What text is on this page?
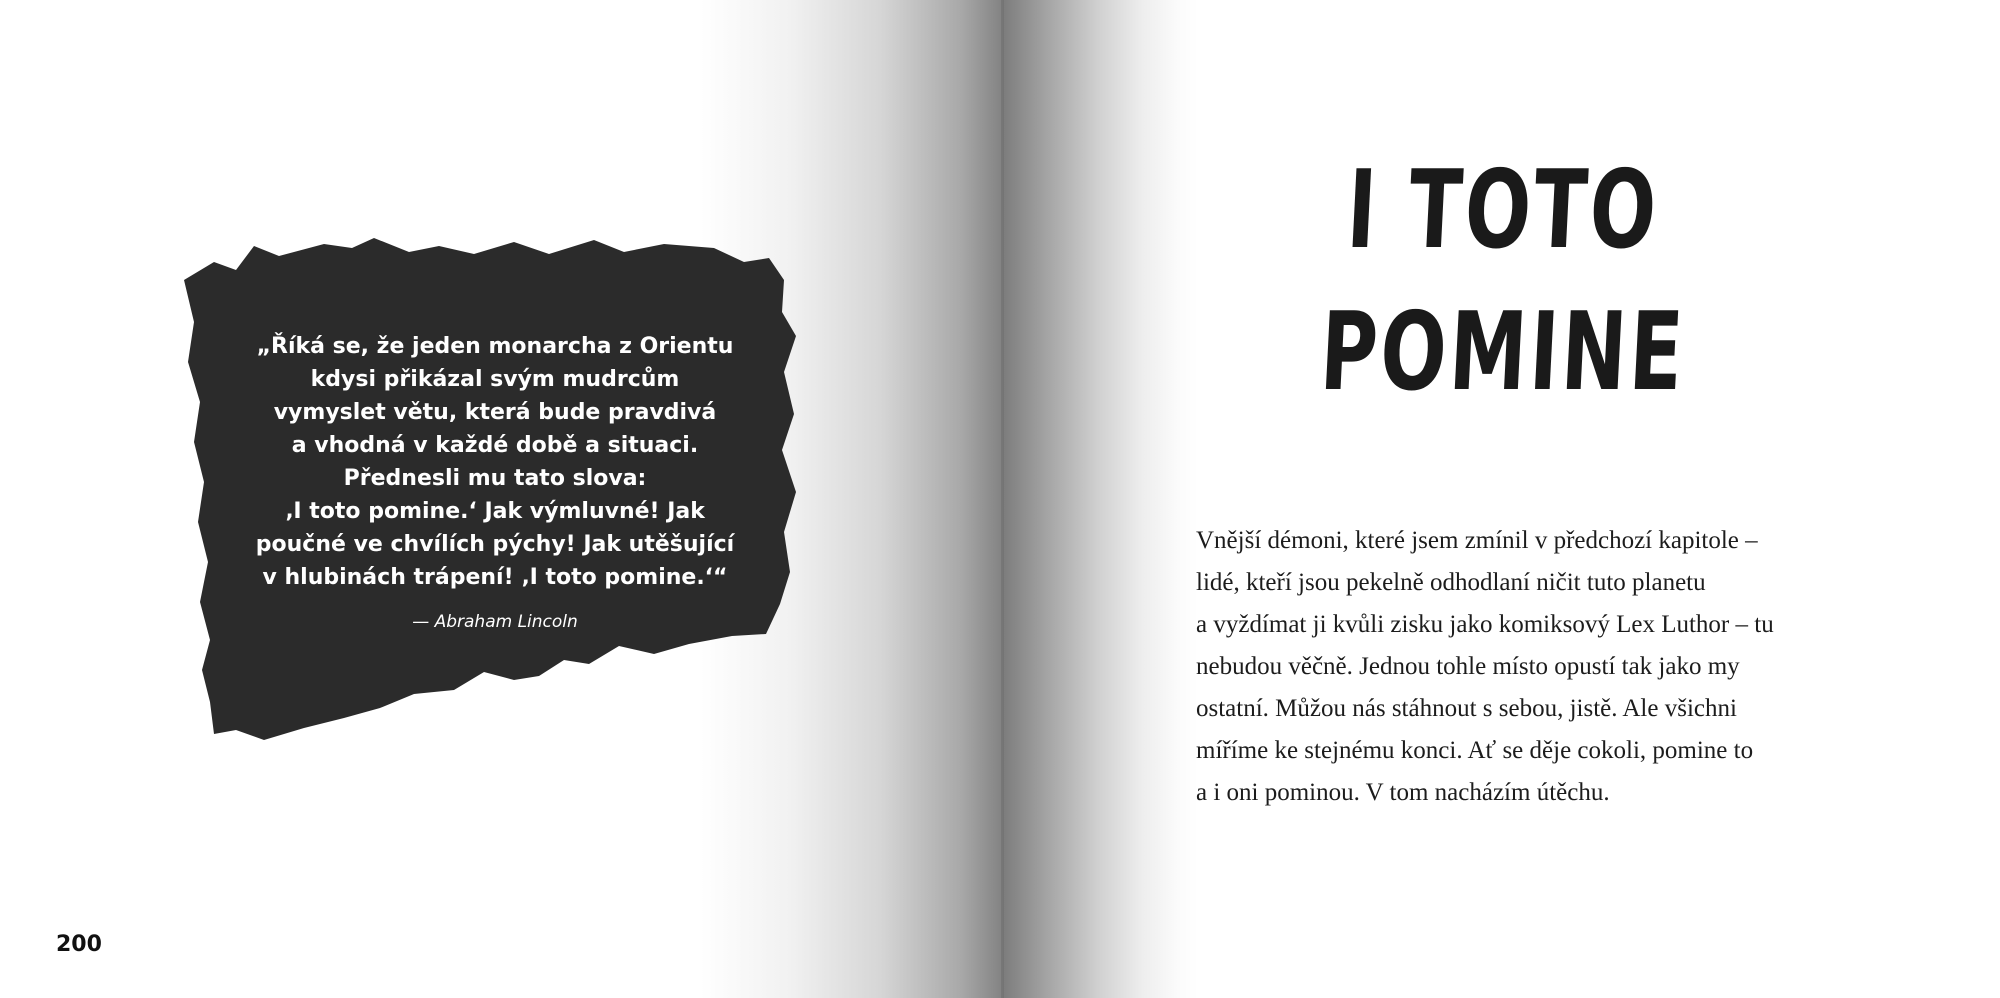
„Říká se, že jeden monarcha z Orientu
kdysi přikázal svým mudrcům
vymyslet větu, která bude pravdivá
a vhodná v každé době a situaci.
Přednesli mu tato slova:
‚I toto pomine.‘ Jak výmluvné! Jak
poučné ve chvílích pýchy! Jak utěšující
v hlubinách trápení! ‚I toto pomine.‘“

— Abraham Lincoln

200

I TOTO
POMINE

Vnější démoni, které jsem zmínil v předchozí kapitole –
lidé, kteří jsou pekelně odhodlaní ničit tuto planetu
a vyždímat ji kvůli zisku jako komiksový Lex Luthor – tu
nebudou věčně. Jednou tohle místo opustí tak jako my
ostatní. Můžou nás stáhnout s sebou, jistě. Ale všichni
míříme ke stejnému konci. Ať se děje cokoli, pomine to
a i oni pominou. V tom nacházím útěchu.
